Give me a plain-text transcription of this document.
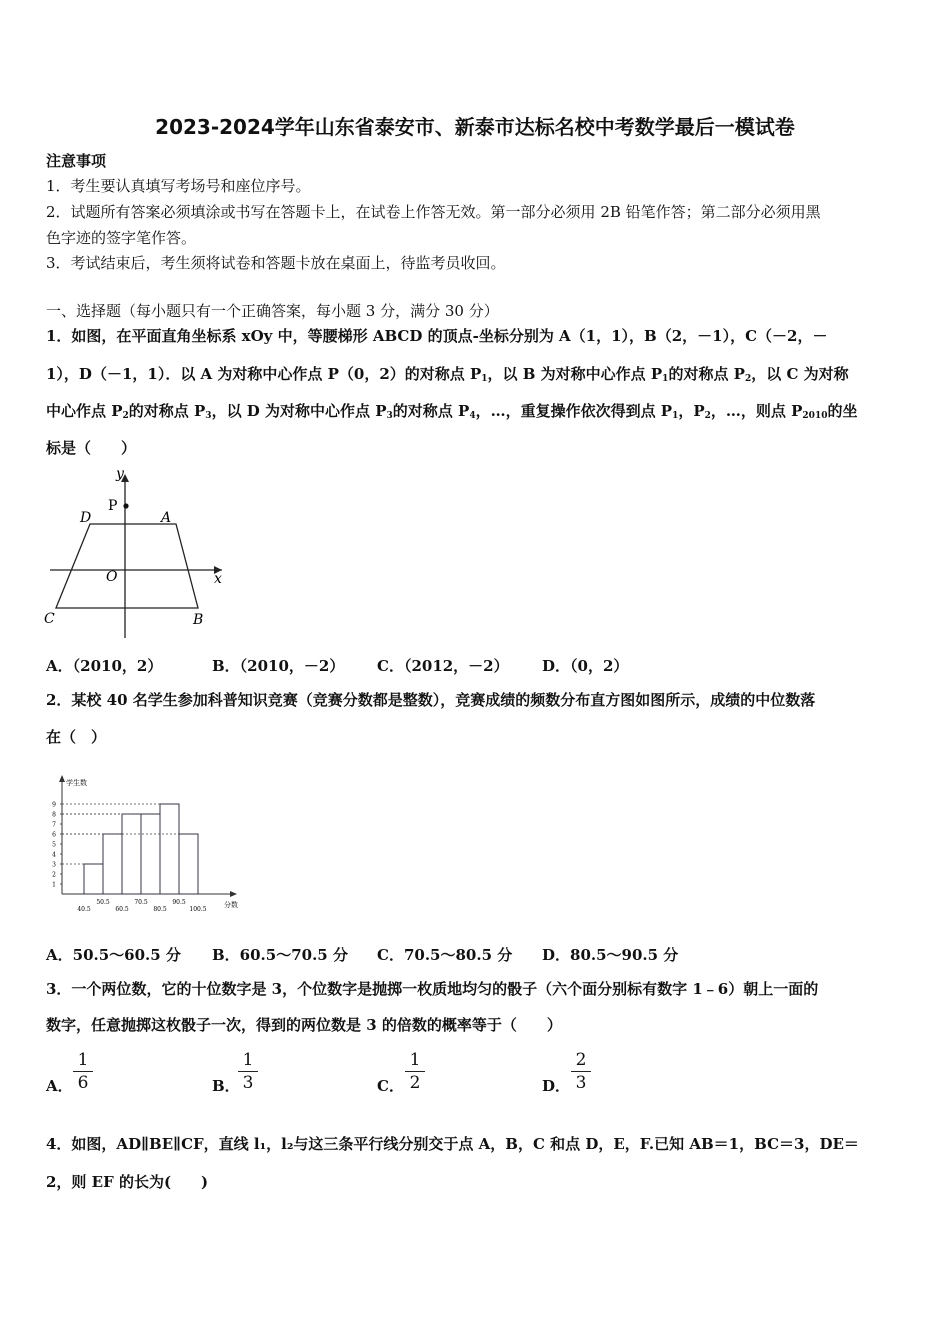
2023-2024学年山东省泰安市、新泰市达标名校中考数学最后一模试卷
注意事项
1．考生要认真填写考场号和座位序号。
2．试题所有答案必须填涂或书写在答题卡上，在试卷上作答无效。第一部分必须用 2B 铅笔作答；第二部分必须用黑
色字迹的签字笔作答。
3．考试结束后，考生须将试卷和答题卡放在桌面上，待监考员收回。
一、选择题（每小题只有一个正确答案，每小题 3 分，满分 30 分）
1．如图，在平面直角坐标系 xOy 中，等腰梯形 ABCD 的顶点-坐标分别为 A（1，1），B（2，－1），C（－2，－
1），D（－1，1）．以 A 为对称中心作点 P（0，2）的对称点 $P_1$，以 B 为对称中心作点 $P_1$的对称点 $P_2$，以 C 为对称
中心作点 $P_2$的对称点 $P_3$，以 D 为对称中心作点 $P_3$的对称点 $P_4$，…，重复操作依次得到点 $P_1$，$P_2$，…，则点 $P_{2010}$的坐
标是（　　）
y
x
O
P
A
D
C	B
A．（2010，2）	B．（2010，－2） C．（2012，－2） D．（0，2）
2．某校 40 名学生参加科普知识竞赛（竞赛分数都是整数），竞赛成绩的频数分布直方图如图所示，成绩的中位数落
在（　）
学生数
分数
1
2
3
4
5
6
7
8
9
40.5	60.5	80.5	100.5
50.5	70.5	90.5
A．50.5～60.5 分 B．60.5～70.5 分 C．70.5～80.5 分 D．80.5～90.5 分
3．一个两位数，它的十位数字是 3，个位数字是抛掷一枚质地均匀的骰子（六个面分别标有数字 1﹣6）朝上一面的
数字，任意抛掷这枚骰子一次，得到的两位数是 3 的倍数的概率等于（　　）
A．
1
6	B．
1
3	C．
1
2	D．
2
3
4．如图，AD∥BE∥CF，直线 l₁，l₂与这三条平行线分别交于点 A，B，C 和点 D，E，F.已知 AB＝1，BC＝3，DE＝
2，则 EF 的长为(　　)
